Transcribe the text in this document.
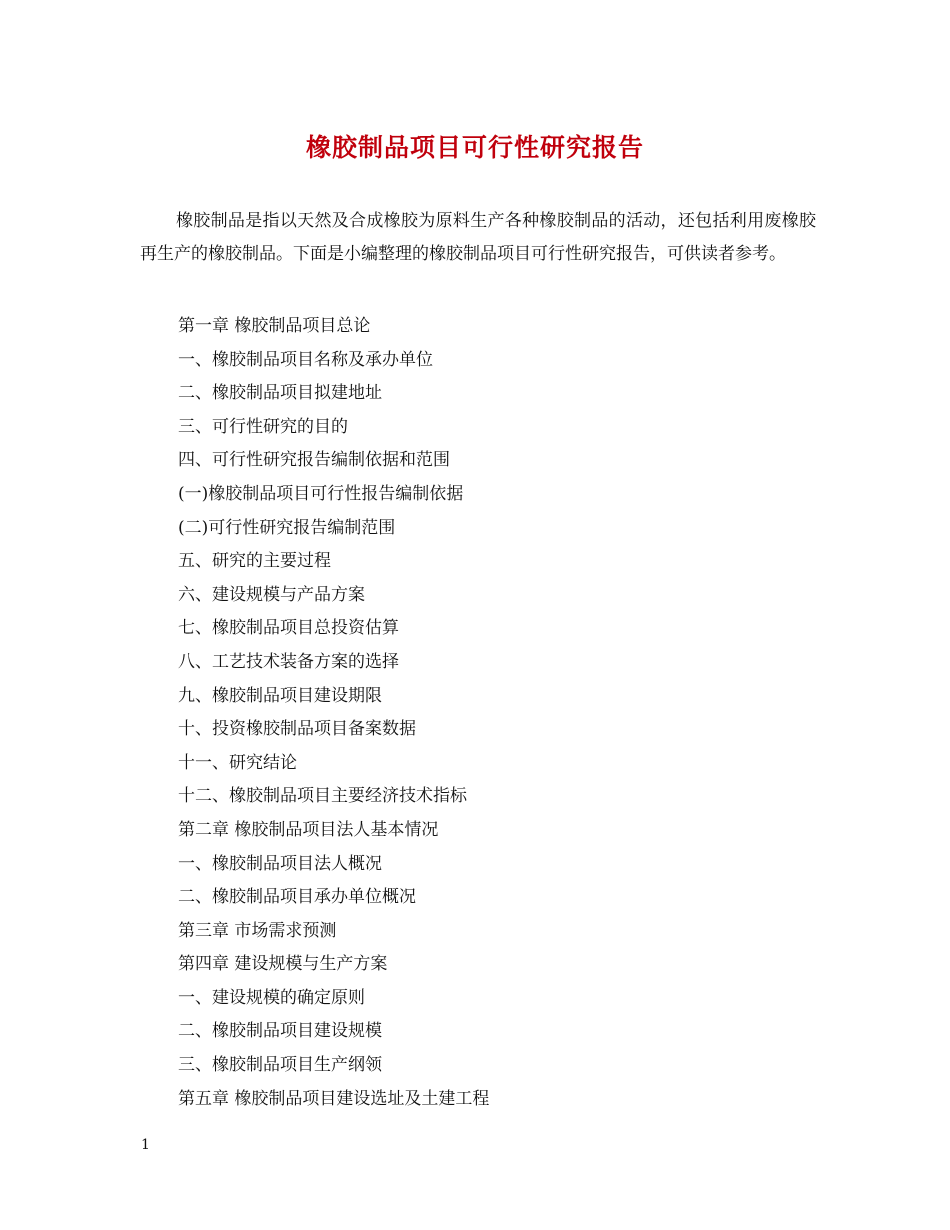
橡胶制品项目可行性研究报告

橡胶制品是指以天然及合成橡胶为原料生产各种橡胶制品的活动，还包括利用废橡胶再生产的橡胶制品。下面是小编整理的橡胶制品项目可行性研究报告，可供读者参考。

第一章 橡胶制品项目总论
一、橡胶制品项目名称及承办单位
二、橡胶制品项目拟建地址
三、可行性研究的目的
四、可行性研究报告编制依据和范围
(一)橡胶制品项目可行性报告编制依据
(二)可行性研究报告编制范围
五、研究的主要过程
六、建设规模与产品方案
七、橡胶制品项目总投资估算
八、工艺技术装备方案的选择
九、橡胶制品项目建设期限
十、投资橡胶制品项目备案数据
十一、研究结论
十二、橡胶制品项目主要经济技术指标
第二章 橡胶制品项目法人基本情况
一、橡胶制品项目法人概况
二、橡胶制品项目承办单位概况
第三章 市场需求预测
第四章 建设规模与生产方案
一、建设规模的确定原则
二、橡胶制品项目建设规模
三、橡胶制品项目生产纲领
第五章 橡胶制品项目建设选址及土建工程
1
